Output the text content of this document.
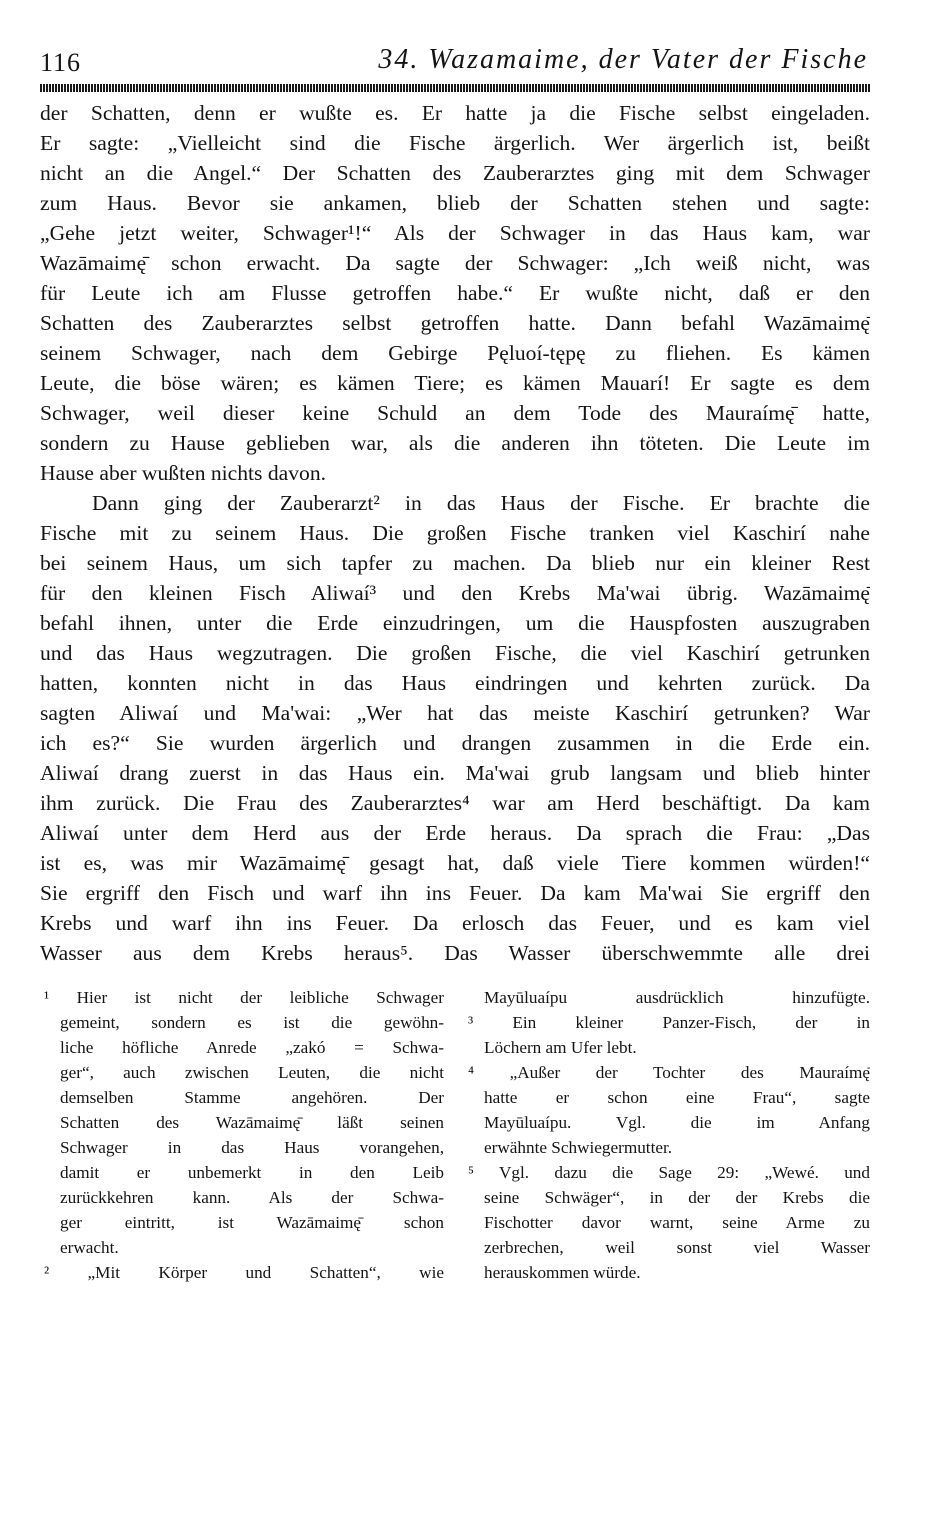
116	34. Wazamaime, der Vater der Fische
der Schatten, denn er wußte es. Er hatte ja die Fische selbst eingeladen.
Er sagte: „Vielleicht sind die Fische ärgerlich. Wer ärgerlich ist, beißt
nicht an die Angel.“ Der Schatten des Zauberarztes ging mit dem Schwager
zum Haus. Bevor sie ankamen, blieb der Schatten stehen und sagte:
„Gehe jetzt weiter, Schwager¹!“ Als der Schwager in das Haus kam, war
Wazāmaimę̄ schon erwacht. Da sagte der Schwager: „Ich weiß nicht, was
für Leute ich am Flusse getroffen habe.“ Er wußte nicht, daß er den
Schatten des Zauberarztes selbst getroffen hatte. Dann befahl Wazāmaimę̄
seinem Schwager, nach dem Gebirge Pęluoí-tępę zu fliehen. Es kämen
Leute, die böse wären; es kämen Tiere; es kämen Mauarí! Er sagte es dem
Schwager, weil dieser keine Schuld an dem Tode des Mauraímę̄ hatte,
sondern zu Hause geblieben war, als die anderen ihn töteten. Die Leute im
Hause aber wußten nichts davon.
Dann ging der Zauberarzt² in das Haus der Fische. Er brachte die
Fische mit zu seinem Haus. Die großen Fische tranken viel Kaschirí nahe
bei seinem Haus, um sich tapfer zu machen. Da blieb nur ein kleiner Rest
für den kleinen Fisch Aliwaí³ und den Krebs Ma'wai übrig. Wazāmaimę̄
befahl ihnen, unter die Erde einzudringen, um die Hauspfosten auszugraben
und das Haus wegzutragen. Die großen Fische, die viel Kaschirí getrunken
hatten, konnten nicht in das Haus eindringen und kehrten zurück. Da
sagten Aliwaí und Ma'wai: „Wer hat das meiste Kaschirí getrunken? War
ich es?“ Sie wurden ärgerlich und drangen zusammen in die Erde ein.
Aliwaí drang zuerst in das Haus ein. Ma'wai grub langsam und blieb hinter
ihm zurück. Die Frau des Zauberarztes⁴ war am Herd beschäftigt. Da kam
Aliwaí unter dem Herd aus der Erde heraus. Da sprach die Frau: „Das
ist es, was mir Wazāmaimę̄ gesagt hat, daß viele Tiere kommen würden!“
Sie ergriff den Fisch und warf ihn ins Feuer. Da kam Ma'wai Sie ergriff den
Krebs und warf ihn ins Feuer. Da erlosch das Feuer, und es kam viel
Wasser aus dem Krebs heraus⁵. Das Wasser überschwemmte alle drei
¹ Hier ist nicht der leibliche Schwager
gemeint, sondern es ist die gewöhn-
liche höfliche Anrede „zakó = Schwa-
ger“, auch zwischen Leuten, die nicht
demselben Stamme angehören. Der
Schatten des Wazāmaimę̄ läßt seinen
Schwager in das Haus vorangehen,
damit er unbemerkt in den Leib
zurückkehren kann. Als der Schwa-
ger eintritt, ist Wazāmaimę̄ schon
erwacht.
² „Mit Körper und Schatten“, wie
Mayūluaípu ausdrücklich hinzufügte.
³ Ein kleiner Panzer-Fisch, der in
Löchern am Ufer lebt.
⁴ „Außer der Tochter des Mauraímę̄
hatte er schon eine Frau“, sagte
Mayūluaípu. Vgl. die im Anfang
erwähnte Schwiegermutter.
⁵ Vgl. dazu die Sage 29: „Wewé. und
seine Schwäger“, in der der Krebs die
Fischotter davor warnt, seine Arme zu
zerbrechen, weil sonst viel Wasser
herauskommen würde.
